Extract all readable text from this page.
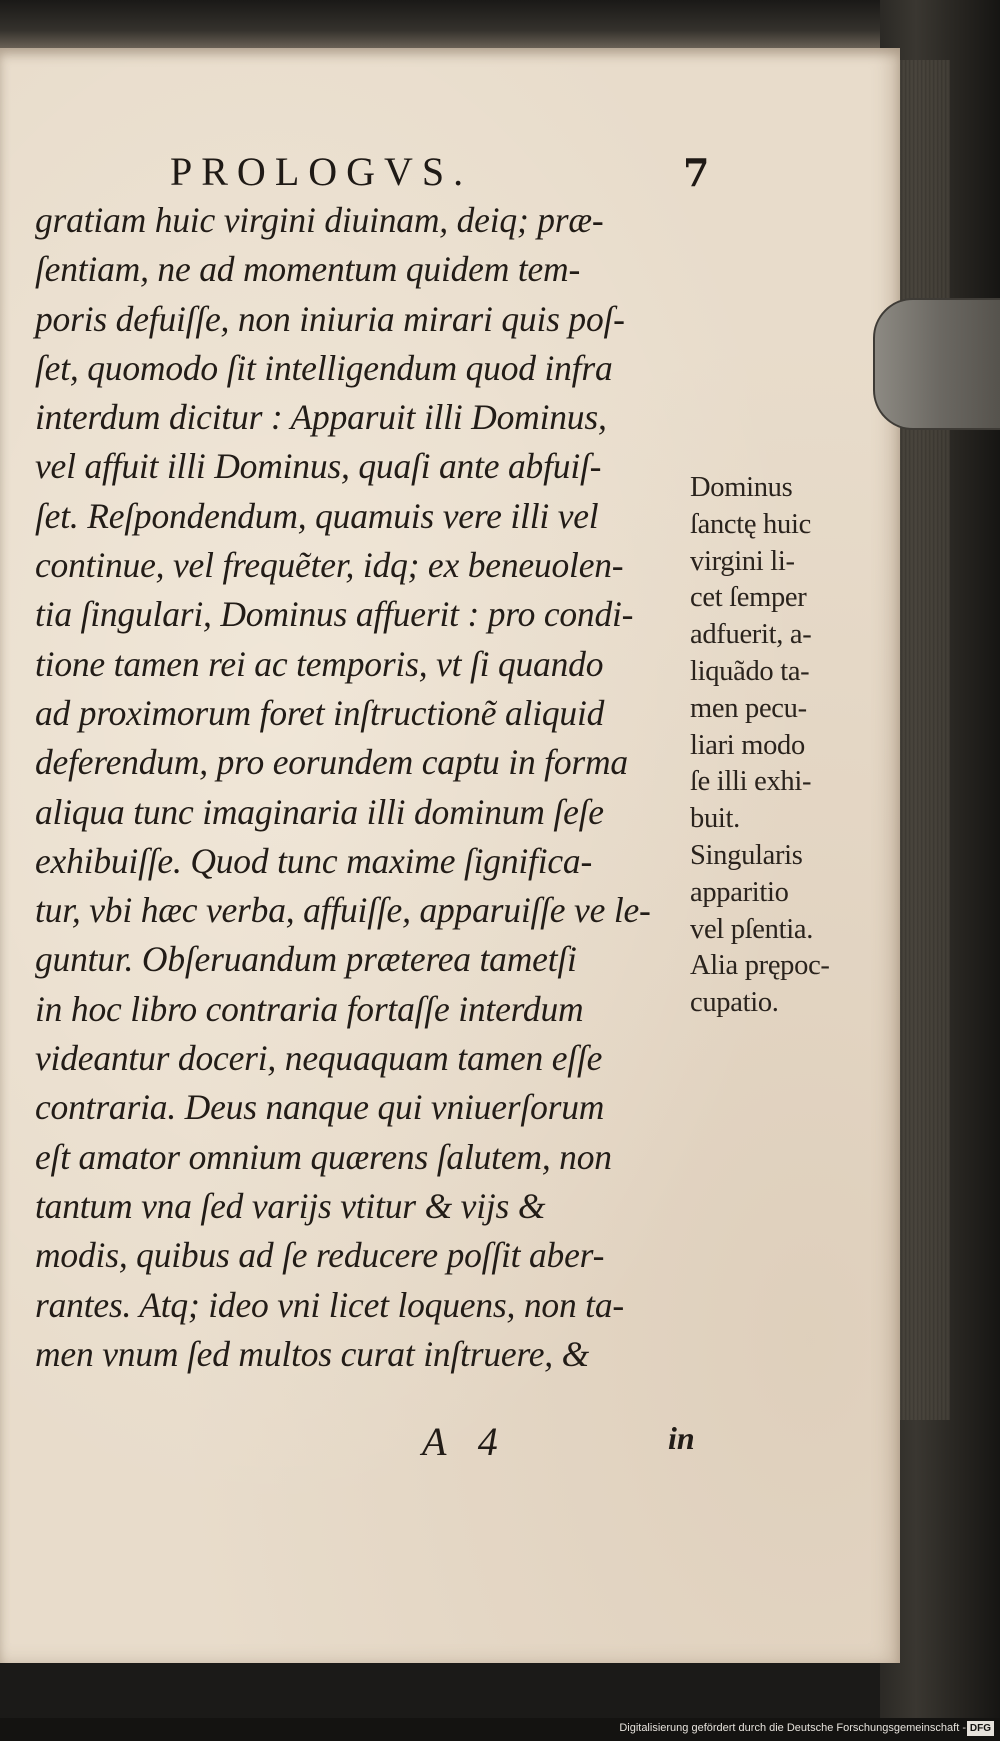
PROLOGVS.	7
gratiam huic virgini diuinam, deiq; præ-
ſentiam, ne ad momentum quidem tem-
poris defuiſſe, non iniuria mirari quis poſ-
ſet, quomodo ſit intelligendum quod infra
interdum dicitur : Apparuit illi Dominus,
vel affuit illi Dominus, quaſi ante abfuiſ-
ſet. Reſpondendum, quamuis vere illi vel
continue, vel frequẽter, idq; ex beneuolen-
tia ſingulari, Dominus affuerit : pro condi-
tione tamen rei ac temporis, vt ſi quando
ad proximorum foret inſtructionẽ aliquid
deferendum, pro eorundem captu in forma
aliqua tunc imaginaria illi dominum ſeſe
exhibuiſſe. Quod tunc maxime ſignifica-
tur, vbi hæc verba, affuiſſe, apparuiſſe ve le-
guntur. Obſeruandum præterea tametſi
in hoc libro contraria fortaſſe interdum
videantur doceri, nequaquam tamen eſſe
contraria. Deus nanque qui vniuerſorum
eſt amator omnium quærens ſalutem, non
tantum vna ſed varijs vtitur & vijs &
modis, quibus ad ſe reducere poſſit aber-
rantes. Atq; ideo vni licet loquens, non ta-
men vnum ſed multos curat inſtruere, &
Dominus
ſanctę huic
virgini li-
cet ſemper
adfuerit, a-
liquãdo ta-
men pecu-
liari modo
ſe illi exhi-
buit.
Singularis
apparitio
vel pſentia.
Alia prępoc-
cupatio.
A 4	in
Digitalisierung gefördert durch die Deutsche Forschungsgemeinschaft - DFG
